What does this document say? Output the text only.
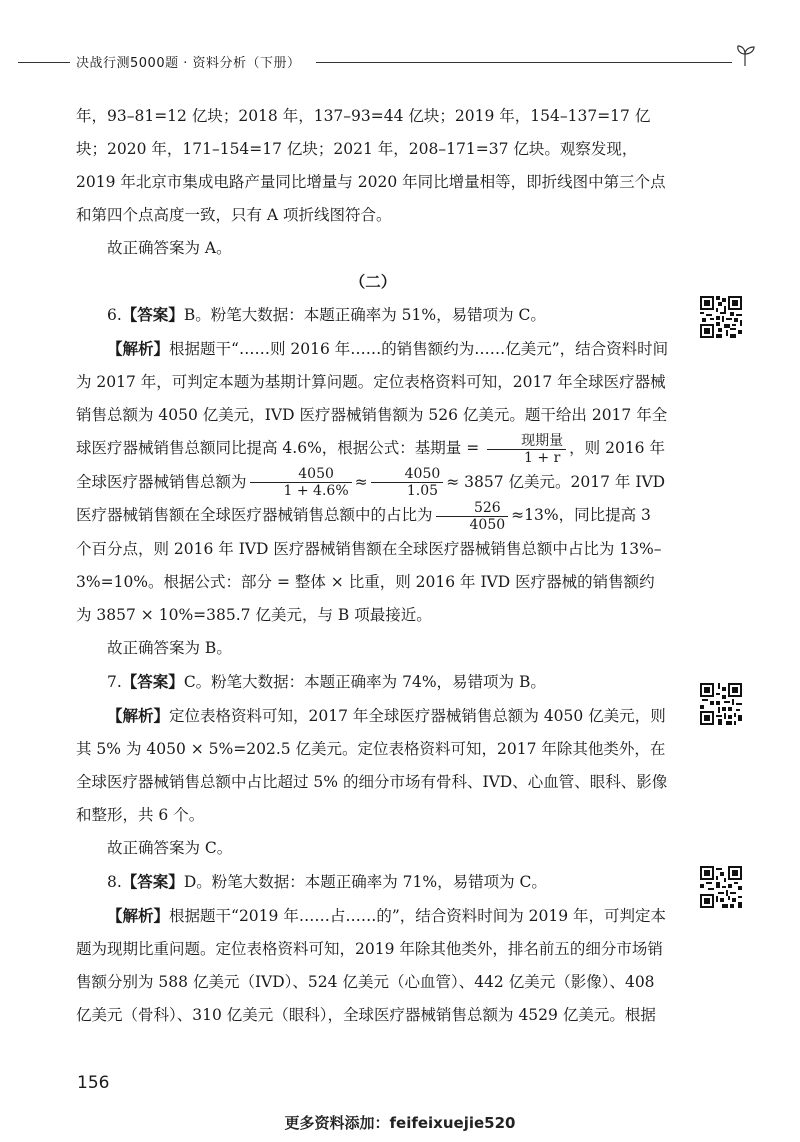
决战行测5000题 · 资料分析（下册）

年，93–81=12 亿块；2018 年，137–93=44 亿块；2019 年，154–137=17 亿块；2020 年，171–154=17 亿块；2021 年，208–171=37 亿块。观察发现，2019 年北京市集成电路产量同比增量与 2020 年同比增量相等，即折线图中第三个点和第四个点高度一致，只有 A 项折线图符合。

故正确答案为 A。

（二）

6.【答案】B。粉笔大数据：本题正确率为 51%，易错项为 C。

【解析】根据题干“……则 2016 年……的销售额约为……亿美元”，结合资料时间为 2017 年，可判定本题为基期计算问题。定位表格资料可知，2017 年全球医疗器械销售总额为 4050 亿美元，IVD 医疗器械销售额为 526 亿美元。题干给出 2017 年全球医疗器械销售总额同比提高 4.6%，根据公式：基期量 = $\frac{\text{现期量}}{1 + r}$ ，则 2016 年全球医疗器械销售总额为 $\frac{4050}{1 + 4.6\%} \approx \frac{4050}{1.05} \approx 3857$ 亿美元。2017 年 IVD 医疗器械销售额在全球医疗器械销售总额中的占比为 $\frac{526}{4050} \approx 13\%$，同比提高 3 个百分点，则 2016 年 IVD 医疗器械销售额在全球医疗器械销售总额中占比为 13%–3%=10%。根据公式：部分 = 整体 × 比重，则 2016 年 IVD 医疗器械的销售额约为 3857 × 10%=385.7 亿美元，与 B 项最接近。

故正确答案为 B。

7.【答案】C。粉笔大数据：本题正确率为 74%，易错项为 B。

【解析】定位表格资料可知，2017 年全球医疗器械销售总额为 4050 亿美元，则其 5% 为 4050 × 5%=202.5 亿美元。定位表格资料可知，2017 年除其他类外，在全球医疗器械销售总额中占比超过 5% 的细分市场有骨科、IVD、心血管、眼科、影像和整形，共 6 个。

故正确答案为 C。

8.【答案】D。粉笔大数据：本题正确率为 71%，易错项为 C。

【解析】根据题干“2019 年……占……的”，结合资料时间为 2019 年，可判定本题为现期比重问题。定位表格资料可知，2019 年除其他类外，排名前五的细分市场销售额分别为 588 亿美元（IVD）、524 亿美元（心血管）、442 亿美元（影像）、408 亿美元（骨科）、310 亿美元（眼科），全球医疗器械销售总额为 4529 亿美元。根据

156
更多资料添加：feifeixuejie520
